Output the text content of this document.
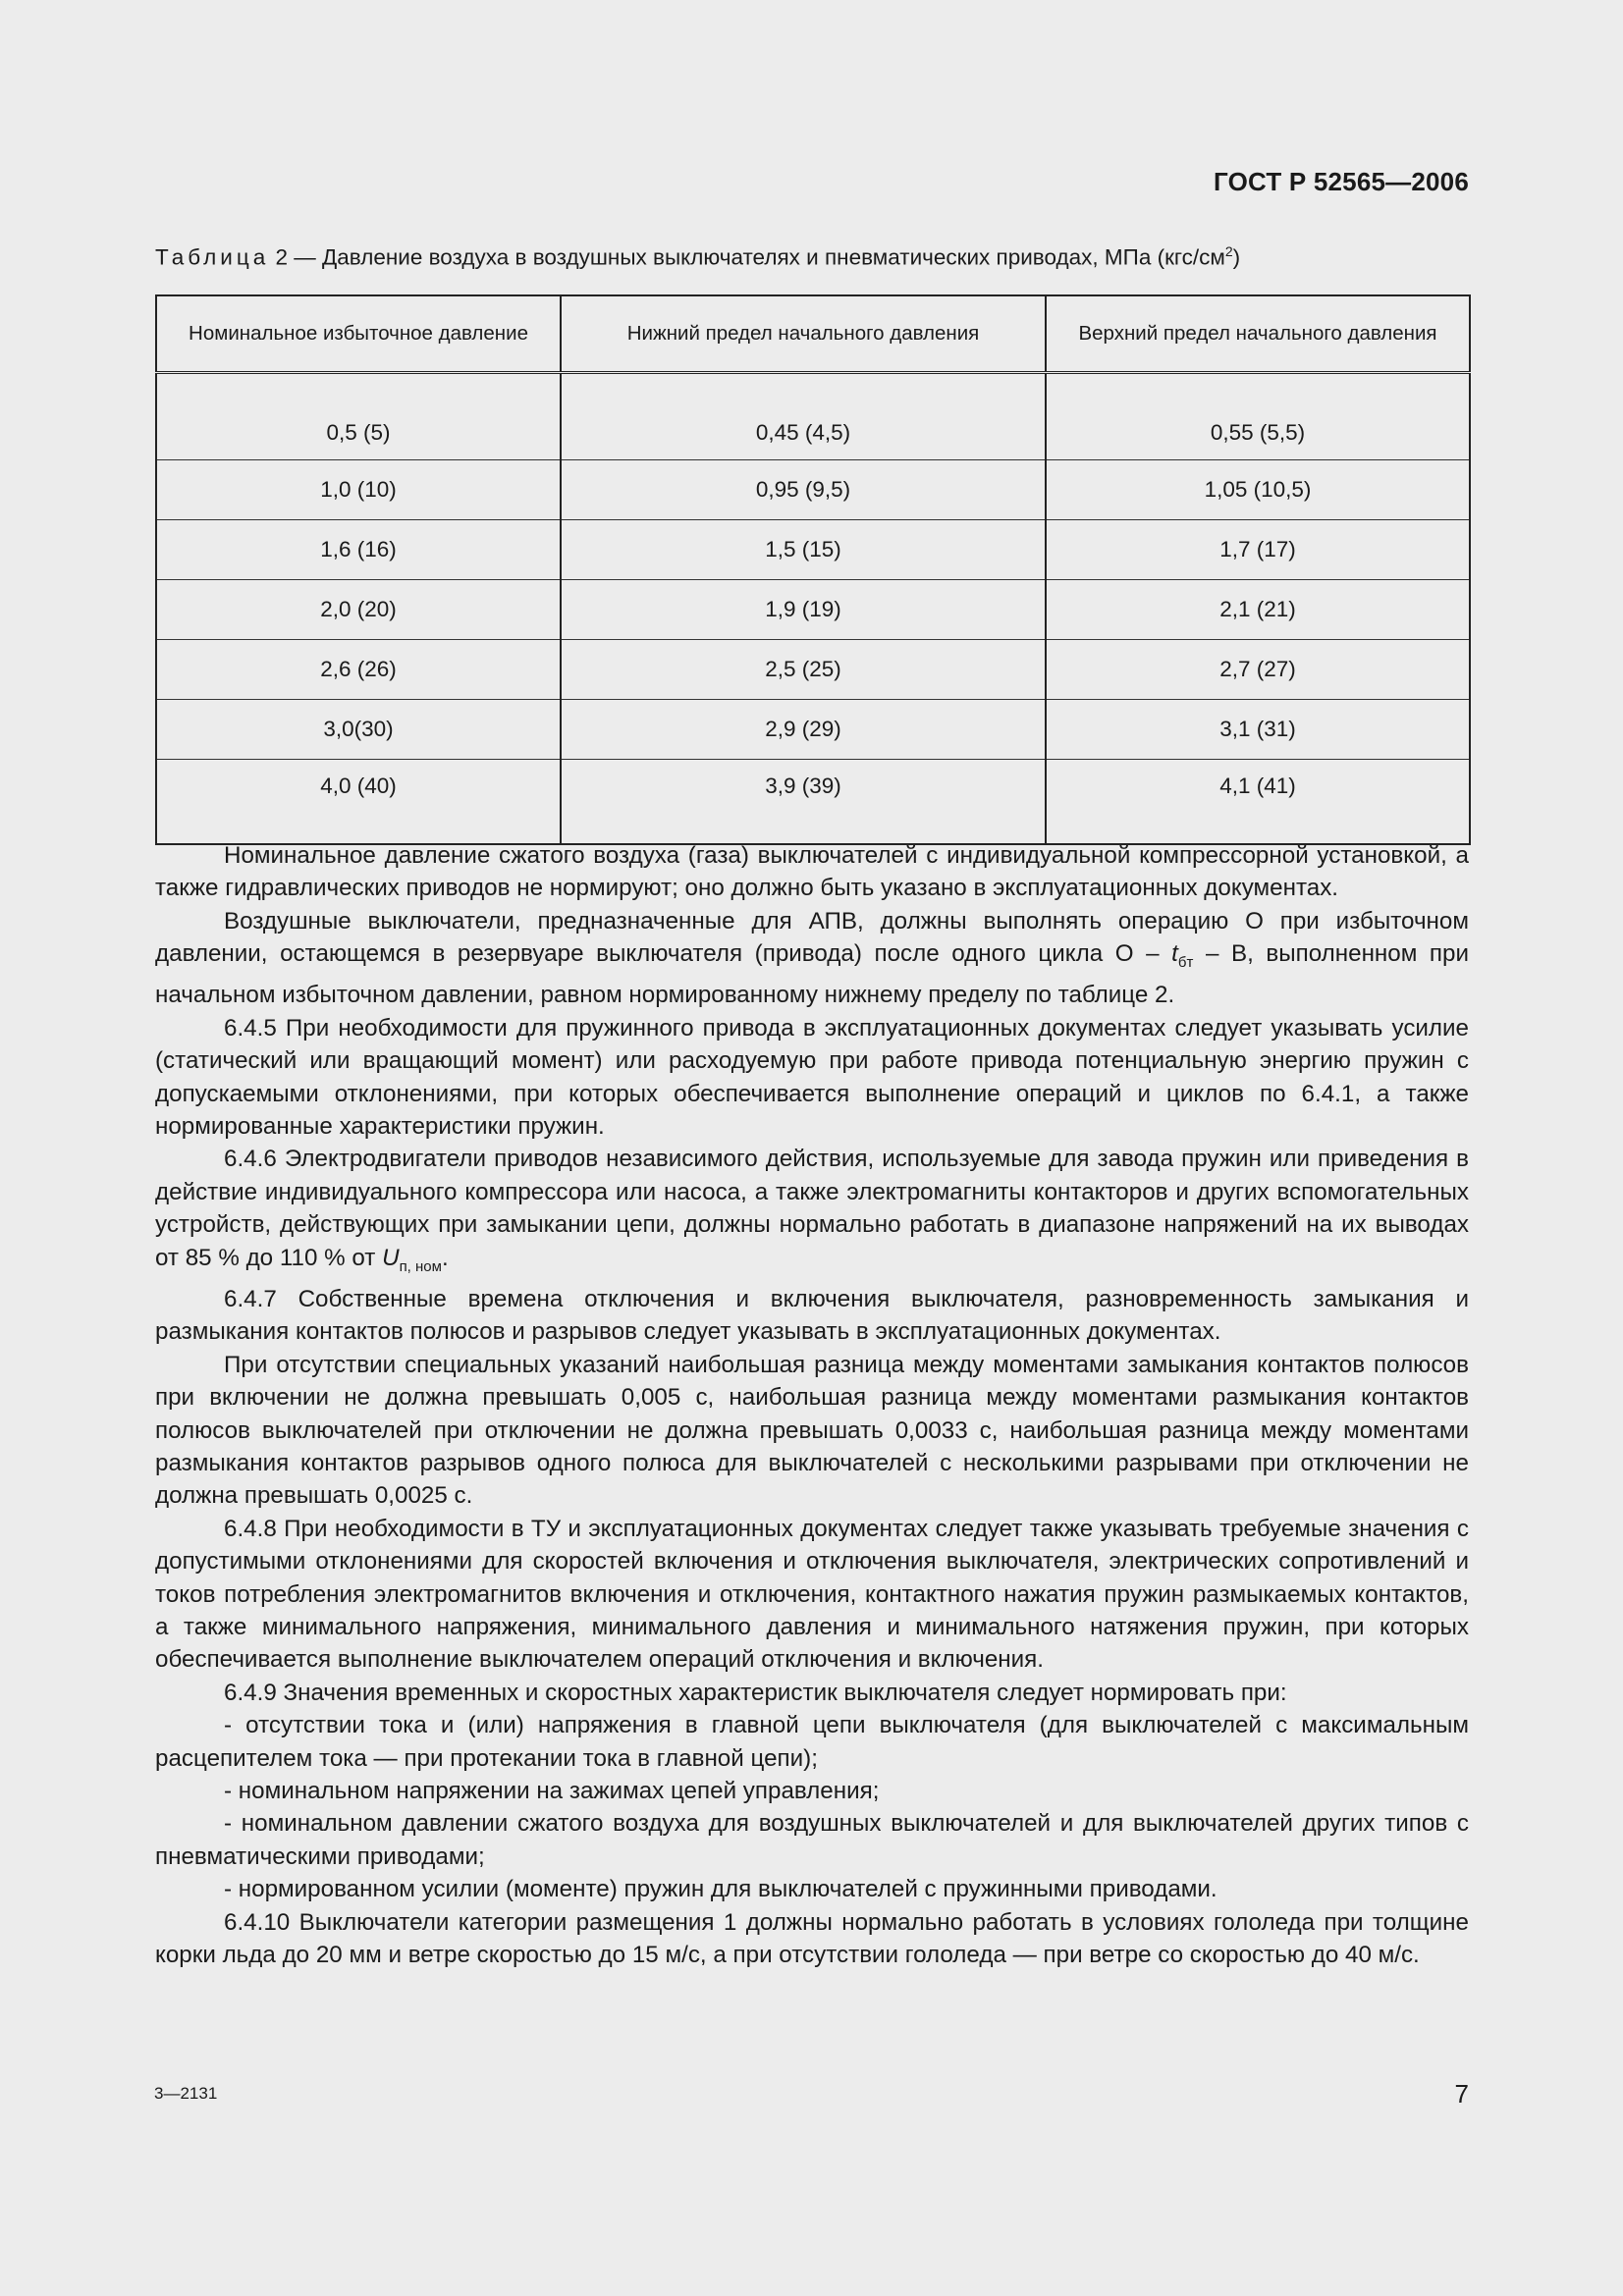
ГОСТ Р 52565—2006
Таблица 2 — Давление воздуха в воздушных выключателях и пневматических приводах, МПа $(кгс/см^2)$
Номинальное избыточное давление	Нижний предел начального давления	Верхний предел начального давления
0,5 (5)	0,45 (4,5)	0,55 (5,5)
1,0 (10)	0,95 (9,5)	1,05 (10,5)
1,6 (16)	1,5 (15)	1,7 (17)
2,0 (20)	1,9 (19)	2,1 (21)
2,6 (26)	2,5 (25)	2,7 (27)
3,0(30)	2,9 (29)	3,1 (31)
4,0 (40)	3,9 (39)	4,1 (41)

Номинальное давление сжатого воздуха (газа) выключателей с индивидуальной компрессорной установкой, а также гидравлических приводов не нормируют; оно должно быть указано в эксплуатационных документах.

Воздушные выключатели, предназначенные для АПВ, должны выполнять операцию О при избыточном давлении, остающемся в резервуаре выключателя (привода) после одного цикла О – $t_{бт}$ – В, выполненном при начальном избыточном давлении, равном нормированному нижнему пределу по таблице 2.

6.4.5 При необходимости для пружинного привода в эксплуатационных документах следует указывать усилие (статический или вращающий момент) или расходуемую при работе привода потенциальную энергию пружин с допускаемыми отклонениями, при которых обеспечивается выполнение операций и циклов по 6.4.1, а также нормированные характеристики пружин.

6.4.6 Электродвигатели приводов независимого действия, используемые для завода пружин или приведения в действие индивидуального компрессора или насоса, а также электромагниты контакторов и других вспомогательных устройств, действующих при замыкании цепи, должны нормально работать в диапазоне напряжений на их выводах от 85 % до 110 % от $U_{п, ном}$.

6.4.7 Собственные времена отключения и включения выключателя, разновременность замыкания и размыкания контактов полюсов и разрывов следует указывать в эксплуатационных документах.

При отсутствии специальных указаний наибольшая разница между моментами замыкания контактов полюсов при включении не должна превышать 0,005 с, наибольшая разница между моментами размыкания контактов полюсов выключателей при отключении не должна превышать 0,0033 с, наибольшая разница между моментами размыкания контактов разрывов одного полюса для выключателей с несколькими разрывами при отключении не должна превышать 0,0025 с.

6.4.8 При необходимости в ТУ и эксплуатационных документах следует также указывать требуемые значения с допустимыми отклонениями для скоростей включения и отключения выключателя, электрических сопротивлений и токов потребления электромагнитов включения и отключения, контактного нажатия пружин размыкаемых контактов, а также минимального напряжения, минимального давления и минимального натяжения пружин, при которых обеспечивается выполнение выключателем операций отключения и включения.

6.4.9 Значения временных и скоростных характеристик выключателя следует нормировать при:

- отсутствии тока и (или) напряжения в главной цепи выключателя (для выключателей с максимальным расцепителем тока — при протекании тока в главной цепи);

- номинальном напряжении на зажимах цепей управления;

- номинальном давлении сжатого воздуха для воздушных выключателей и для выключателей других типов с пневматическими приводами;

- нормированном усилии (моменте) пружин для выключателей с пружинными приводами.

6.4.10 Выключатели категории размещения 1 должны нормально работать в условиях гололеда при толщине корки льда до 20 мм и ветре скоростью до 15 м/с, а при отсутствии гололеда — при ветре со скоростью до 40 м/с.

3—2131	7
